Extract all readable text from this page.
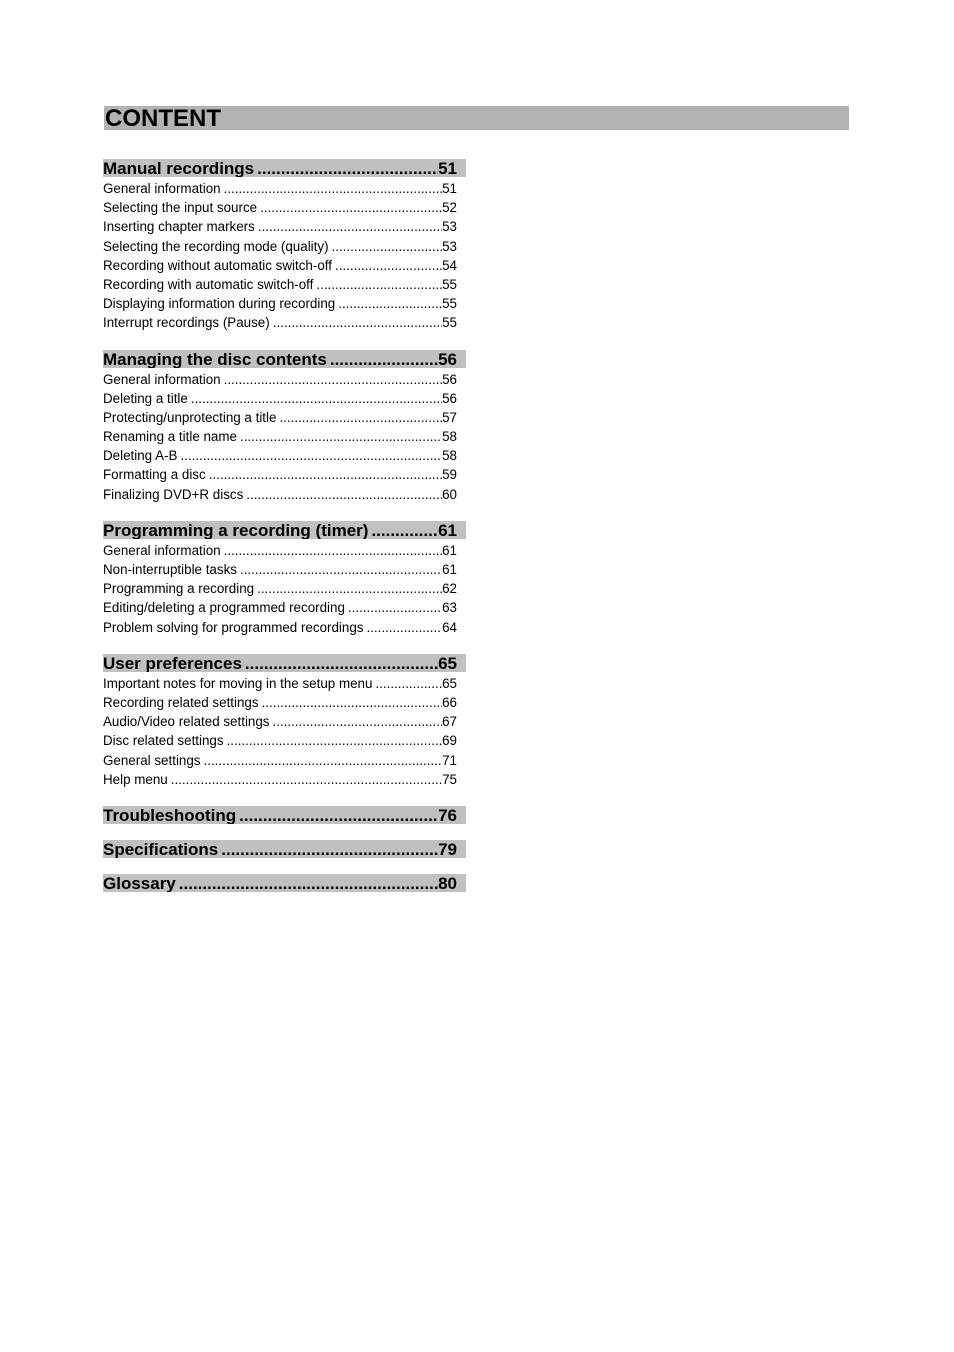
CONTENT
Manual recordings .....	51
General information .....	51
Selecting the input source .....	52
Inserting chapter markers .....	53
Selecting the recording mode (quality) .....	53
Recording without automatic switch-off .....	54
Recording with automatic switch-off .....	55
Displaying information during recording .....	55
Interrupt recordings (Pause) .....	55
Managing the disc contents .....	56
General information .....	56
Deleting a title .....	56
Protecting/unprotecting a title .....	57
Renaming a title name .....	58
Deleting A-B .....	58
Formatting a disc .....	59
Finalizing DVD+R discs .....	60
Programming a recording (timer) .....	61
General information .....	61
Non-interruptible tasks .....	61
Programming a recording .....	62
Editing/deleting a programmed recording .....	63
Problem solving for programmed recordings .....	64
User preferences .....	65
Important notes for moving in the setup menu .....	65
Recording related settings .....	66
Audio/Video related settings .....	67
Disc related settings .....	69
General settings .....	71
Help menu .....	75
Troubleshooting .....	76
Specifications .....	79
Glossary .....	80
